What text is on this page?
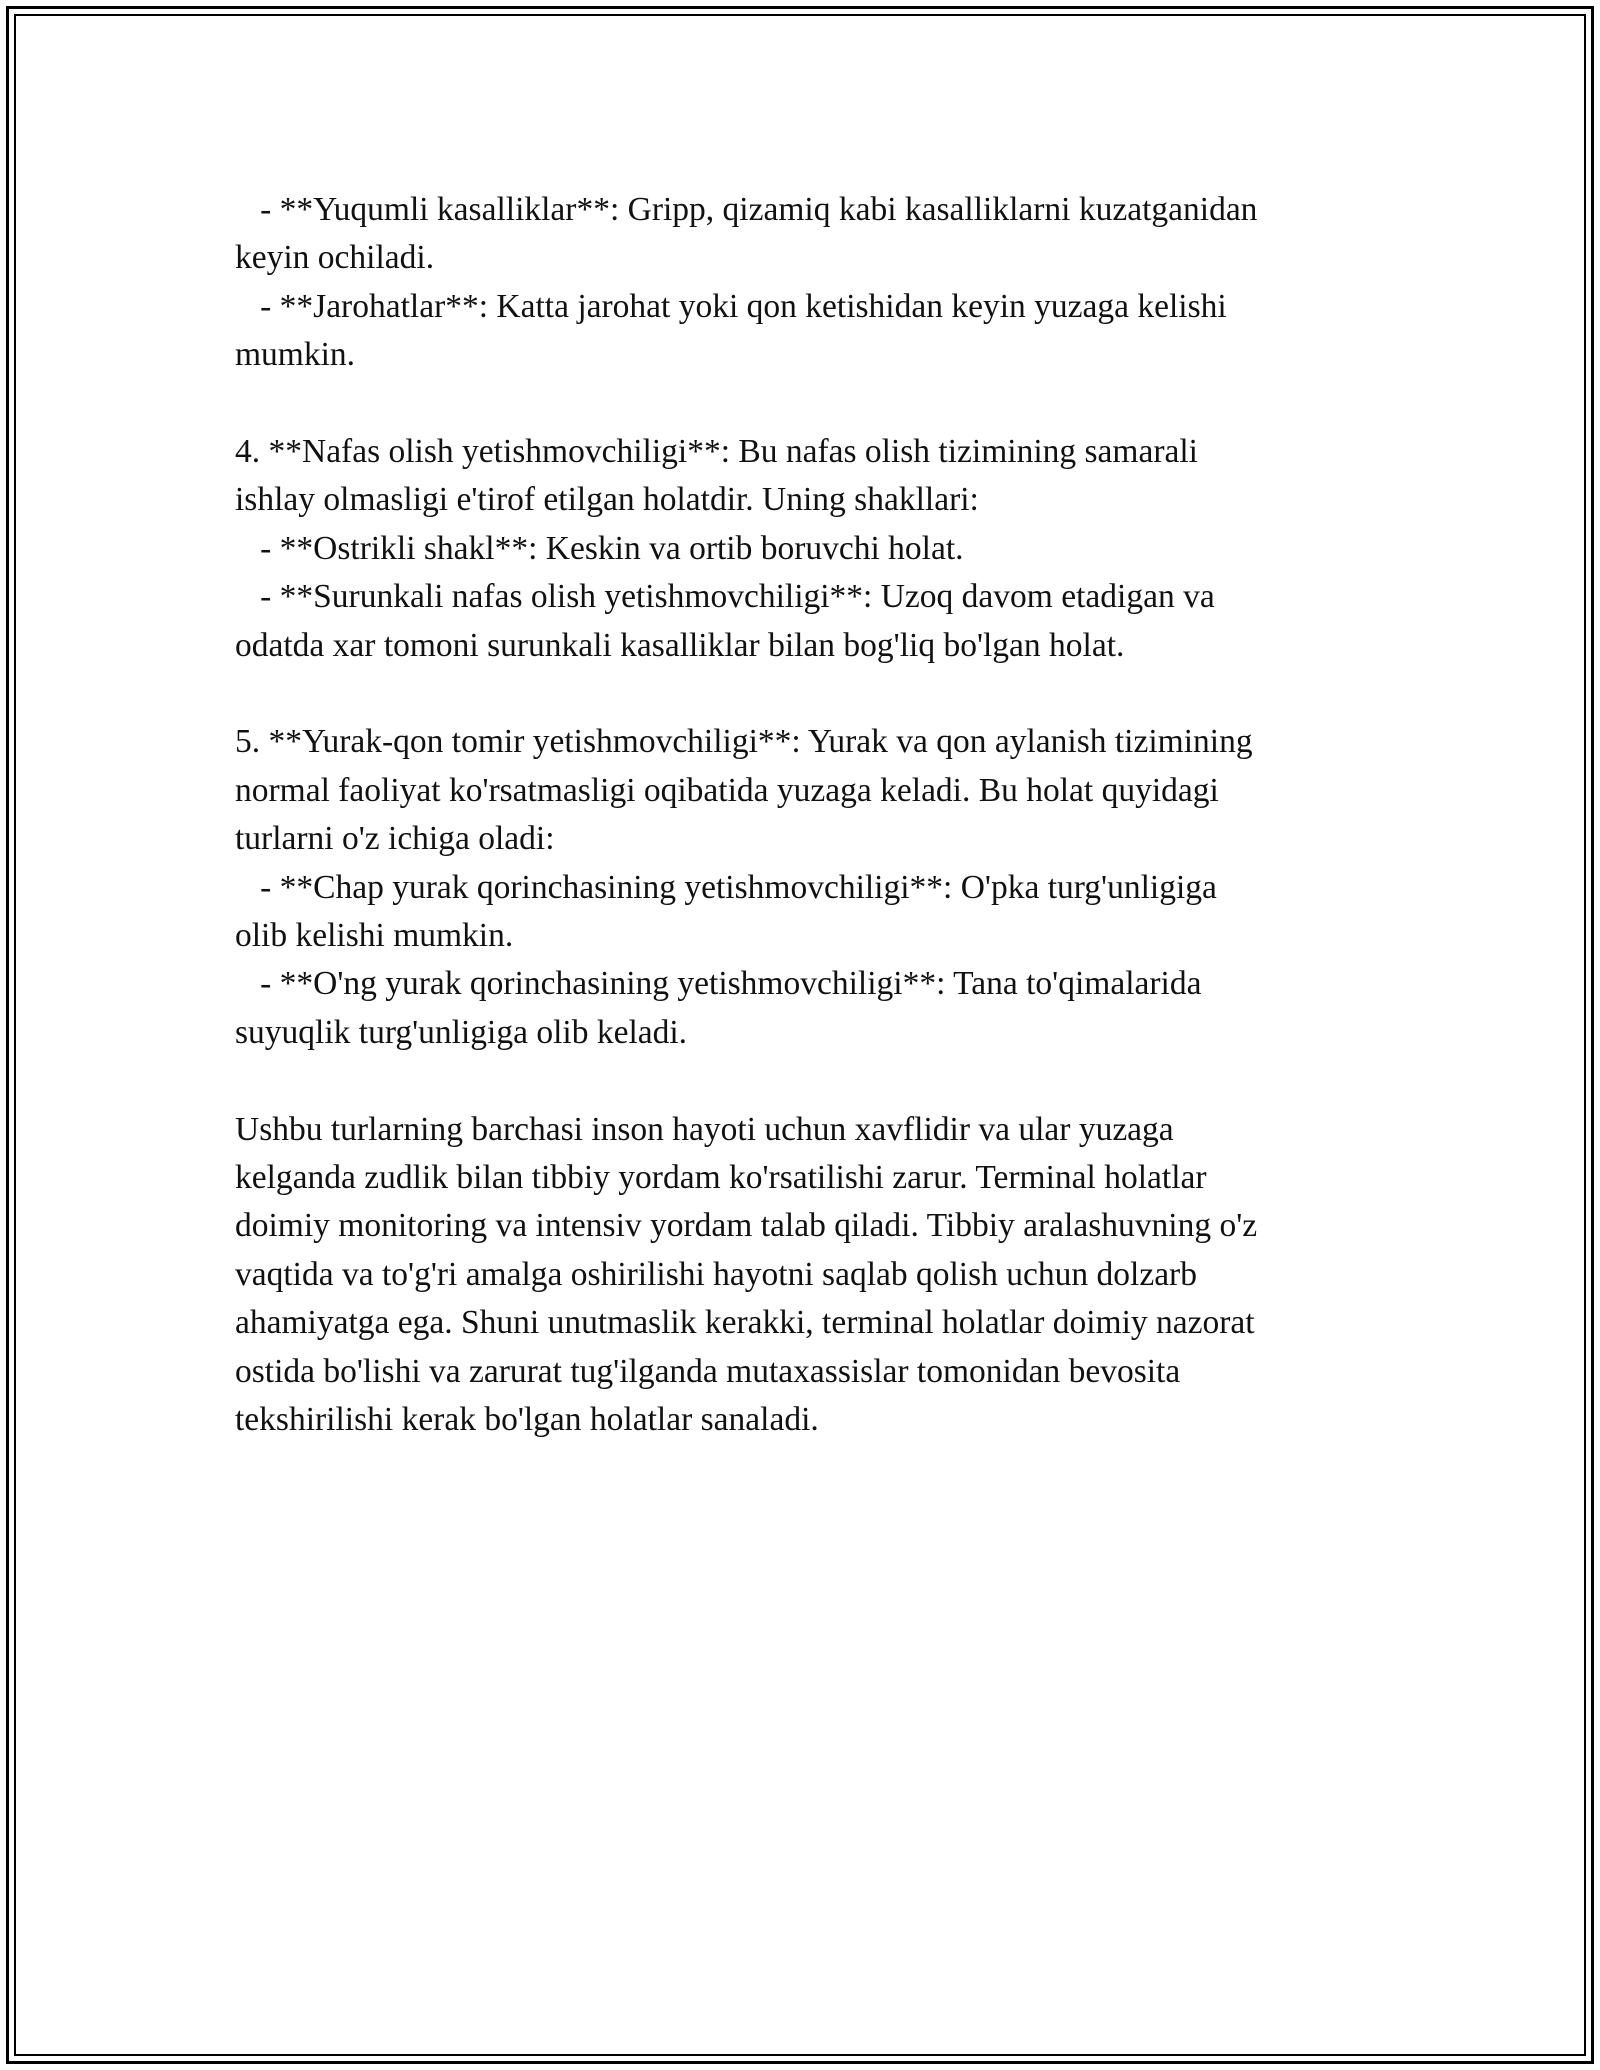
- **Yuqumli kasalliklar**: Gripp, qizamiq kabi kasalliklarni kuzatganidan
keyin ochiladi.
- **Jarohatlar**: Katta jarohat yoki qon ketishidan keyin yuzaga kelishi
mumkin.
4. **Nafas olish yetishmovchiligi**: Bu nafas olish tizimining samarali
ishlay olmasligi e'tirof etilgan holatdir. Uning shakllari:
- **Ostrikli shakl**: Keskin va ortib boruvchi holat.
- **Surunkali nafas olish yetishmovchiligi**: Uzoq davom etadigan va
odatda xar tomoni surunkali kasalliklar bilan bog'liq bo'lgan holat.
5. **Yurak-qon tomir yetishmovchiligi**: Yurak va qon aylanish tizimining
normal faoliyat ko'rsatmasligi oqibatida yuzaga keladi. Bu holat quyidagi
turlarni o'z ichiga oladi:
- **Chap yurak qorinchasining yetishmovchiligi**: O'pka turg'unligiga
olib kelishi mumkin.
- **O'ng yurak qorinchasining yetishmovchiligi**: Tana to'qimalarida
suyuqlik turg'unligiga olib keladi.
Ushbu turlarning barchasi inson hayoti uchun xavflidir va ular yuzaga
kelganda zudlik bilan tibbiy yordam ko'rsatilishi zarur. Terminal holatlar
doimiy monitoring va intensiv yordam talab qiladi. Tibbiy aralashuvning o'z
vaqtida va to'g'ri amalga oshirilishi hayotni saqlab qolish uchun dolzarb
ahamiyatga ega. Shuni unutmaslik kerakki, terminal holatlar doimiy nazorat
ostida bo'lishi va zarurat tug'ilganda mutaxassislar tomonidan bevosita
tekshirilishi kerak bo'lgan holatlar sanaladi.
